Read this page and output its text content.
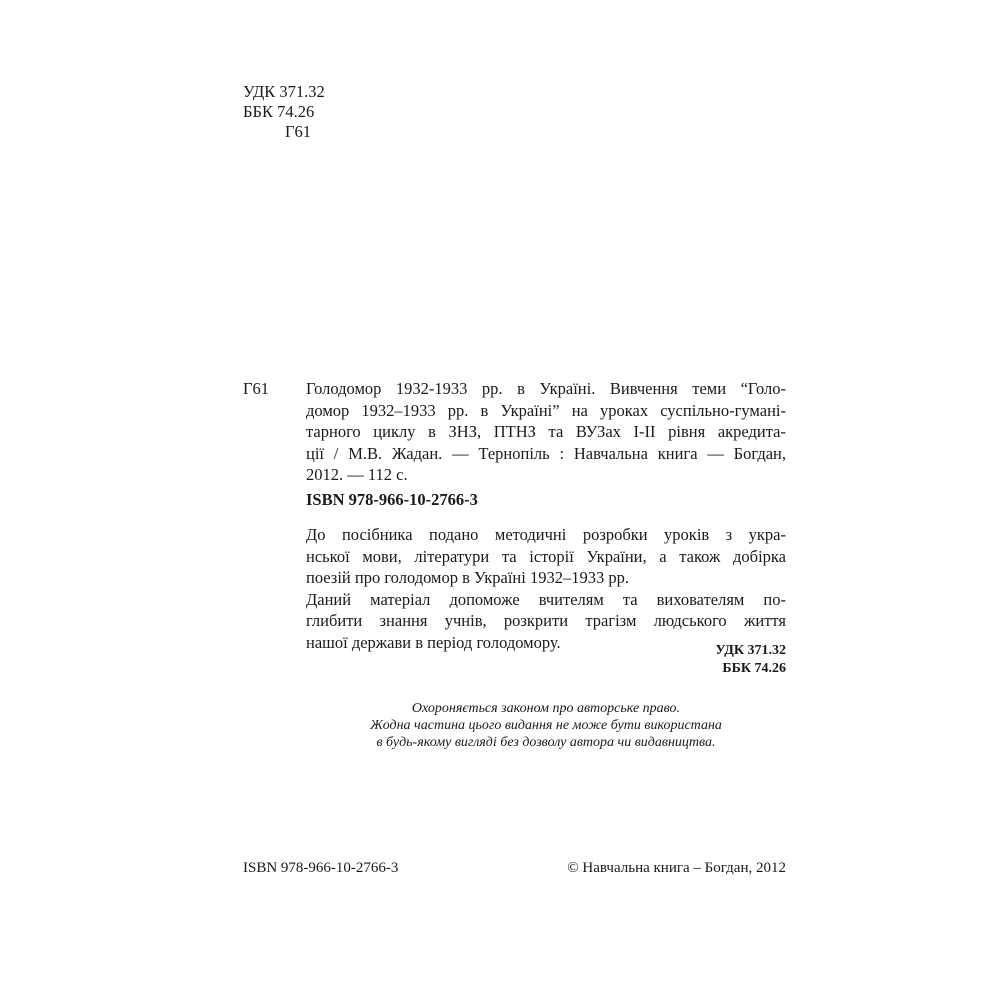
УДК 371.32
ББК 74.26
Г61
Г61 Голодомор 1932-1933 рр. в Україні. Вивчення теми “Голо-
домор 1932–1933 рр. в Україні” на уроках суспільно-гумані-
тарного циклу в ЗНЗ, ПТНЗ та ВУЗах І-ІІ рівня акредита-
ції / М.В. Жадан. — Тернопіль : Навчальна книга — Богдан,
2012. — 112 с.
ISBN 978-966-10-2766-3
До посібника подано методичні розробки уроків з укра-
нської мови, літератури та історії України, а також добірка
поезій про голодомор в Україні 1932–1933 рр.
Даний матеріал допоможе вчителям та вихователям по-
глибити знання учнів, розкрити трагізм людського життя
нашої держави в період голодомору.	УДК 371.32
ББК 74.26
Охороняється законом про авторське право.
Жодна частина цього видання не може бути використана
в будь-якому вигляді без дозволу автора чи видавництва.
ISBN 978-966-10-2766-3	© Навчальна книга – Богдан, 2012
